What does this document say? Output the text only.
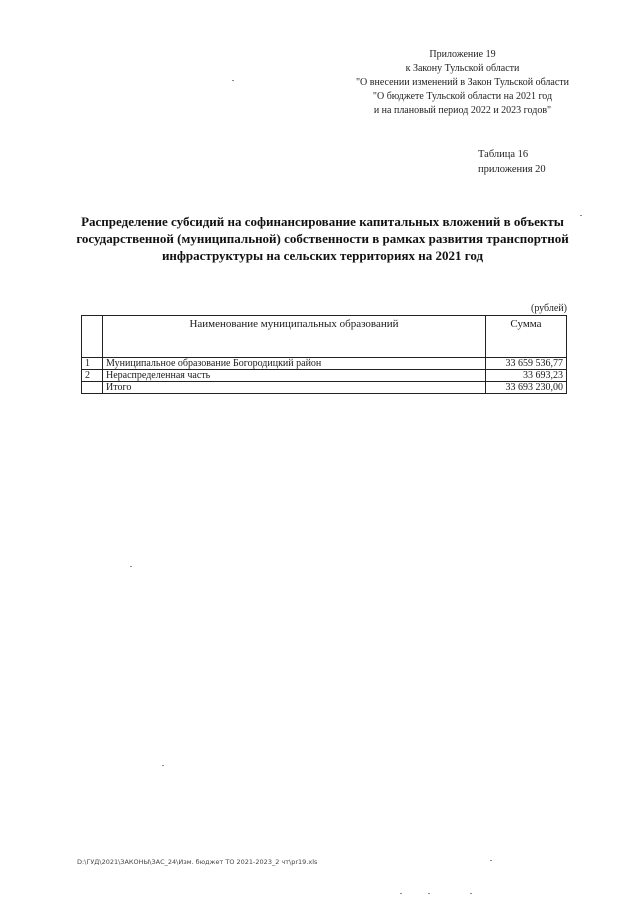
Приложение 19
к Закону Тульской области
"О внесении изменений в Закон Тульской области
"О бюджете Тульской области на 2021 год
и на плановый период 2022 и 2023 годов"
Таблица 16
приложения 20
Распределение субсидий на софинансирование капитальных вложений в объекты
государственной (муниципальной) собственности в рамках развития транспортной
инфраструктуры на сельских территориях на 2021 год
(рублей)
	Наименование муниципальных образований	Сумма
1	Муниципальное образование Богородицкий район	33 659 536,77
2	Нераспределенная часть	33 693,23
	Итого	33 693 230,00
D:\ГУД\2021\ЗАКОНЫ\ЗАС_24\Изм. бюджет ТО 2021-2023_2 чт\pr19.xls
